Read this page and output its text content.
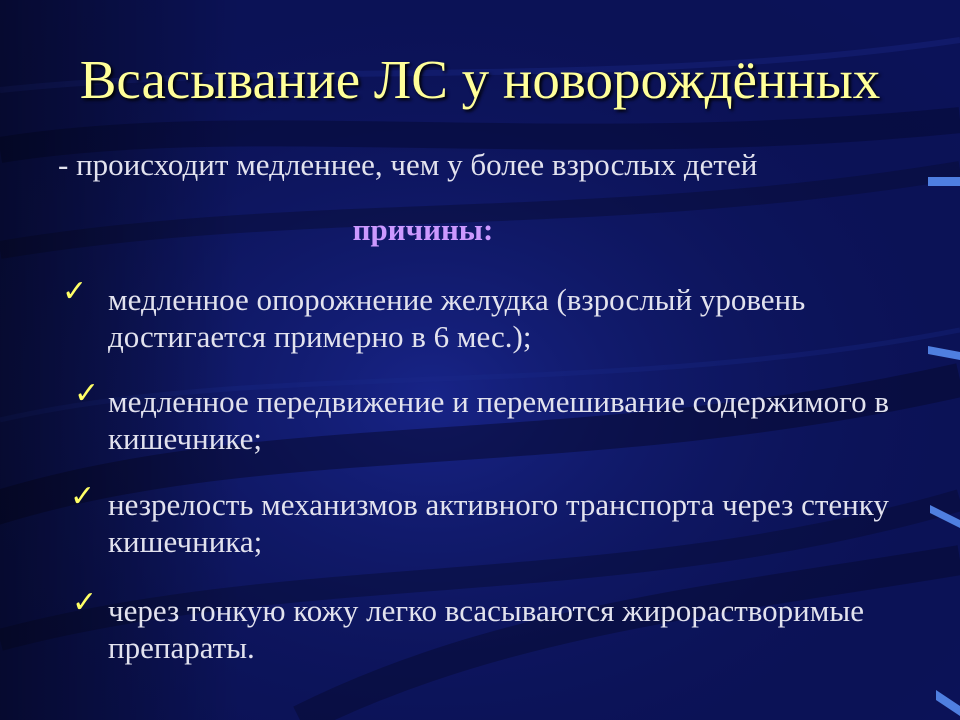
Всасывание ЛС у новорождённых
- происходит медленнее, чем у более взрослых детей
причины:
✓ медленное опорожнение желудка (взрослый уровень достигается примерно в 6 мес.);
✓ медленное передвижение и перемешивание содержимого в кишечнике;
✓ незрелость механизмов активного транспорта через стенку кишечника;
✓ через тонкую кожу легко всасываются жирорастворимые препараты.
